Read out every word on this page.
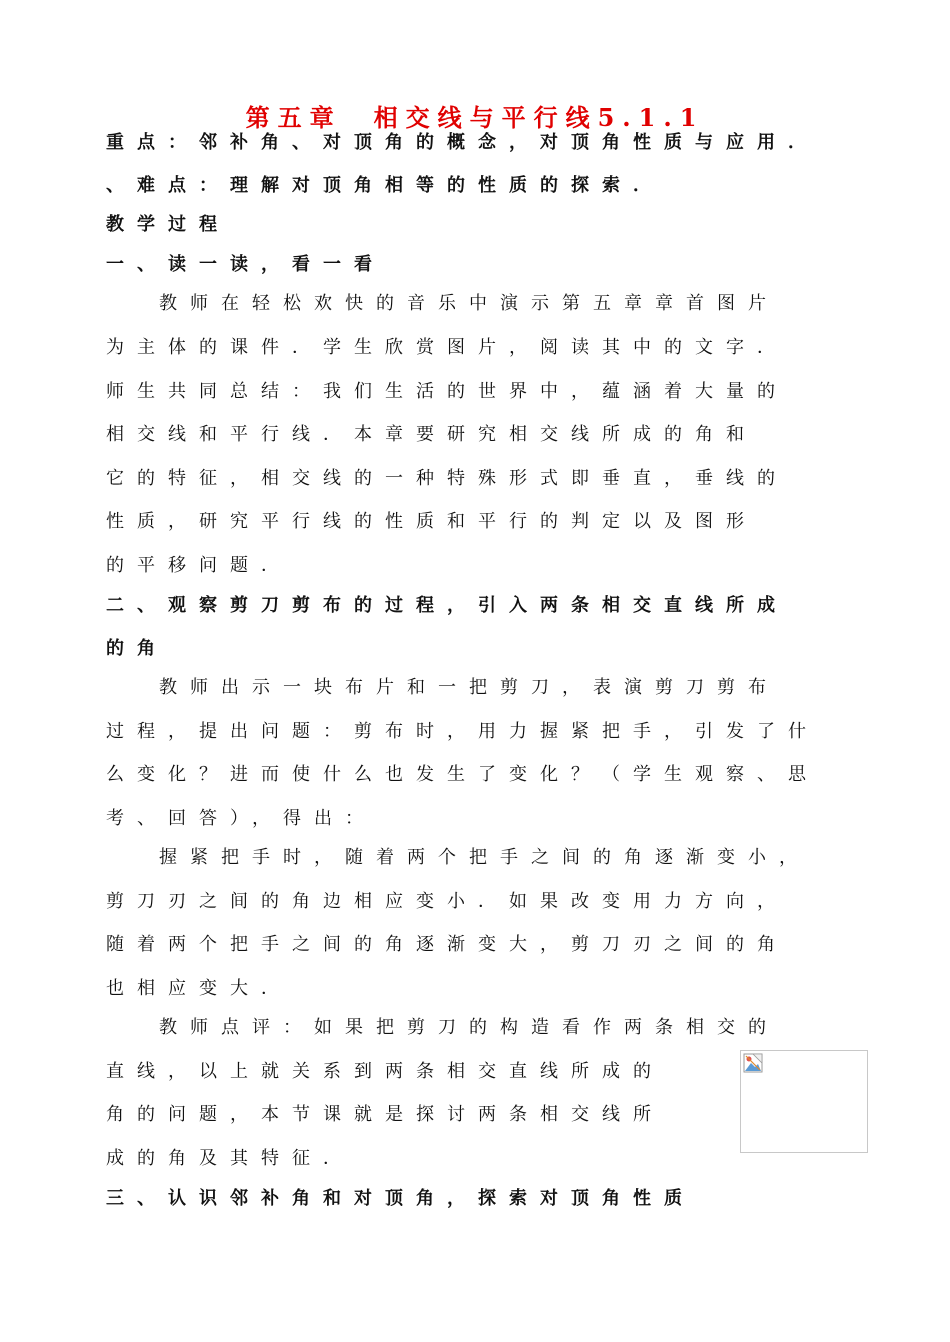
第五章　相交线与平行线5.1.1
重点：邻补角、对顶角的概念，对顶角性质与应用．
、难点：理解对顶角相等的性质的探索．
教学过程
一、读一读，看一看
教师在轻松欢快的音乐中演示第五章章首图片
为主体的课件．学生欣赏图片，阅读其中的文字．
师生共同总结：我们生活的世界中，蕴涵着大量的
相交线和平行线．本章要研究相交线所成的角和
它的特征，相交线的一种特殊形式即垂直，垂线的
性质，研究平行线的性质和平行的判定以及图形
的平移问题．
二、观察剪刀剪布的过程，引入两条相交直线所成
的角
教师出示一块布片和一把剪刀，表演剪刀剪布
过程，提出问题：剪布时，用力握紧把手，引发了什
么变化？进而使什么也发生了变化？（学生观察、思
考、回答），得出：
握紧把手时，随着两个把手之间的角逐渐变小，
剪刀刃之间的角边相应变小．如果改变用力方向，
随着两个把手之间的角逐渐变大，剪刀刃之间的角
也相应变大．
教师点评：如果把剪刀的构造看作两条相交的
直线，以上就关系到两条相交直线所成的
角的问题，本节课就是探讨两条相交线所
成的角及其特征．
三、认识邻补角和对顶角，探索对顶角性质
